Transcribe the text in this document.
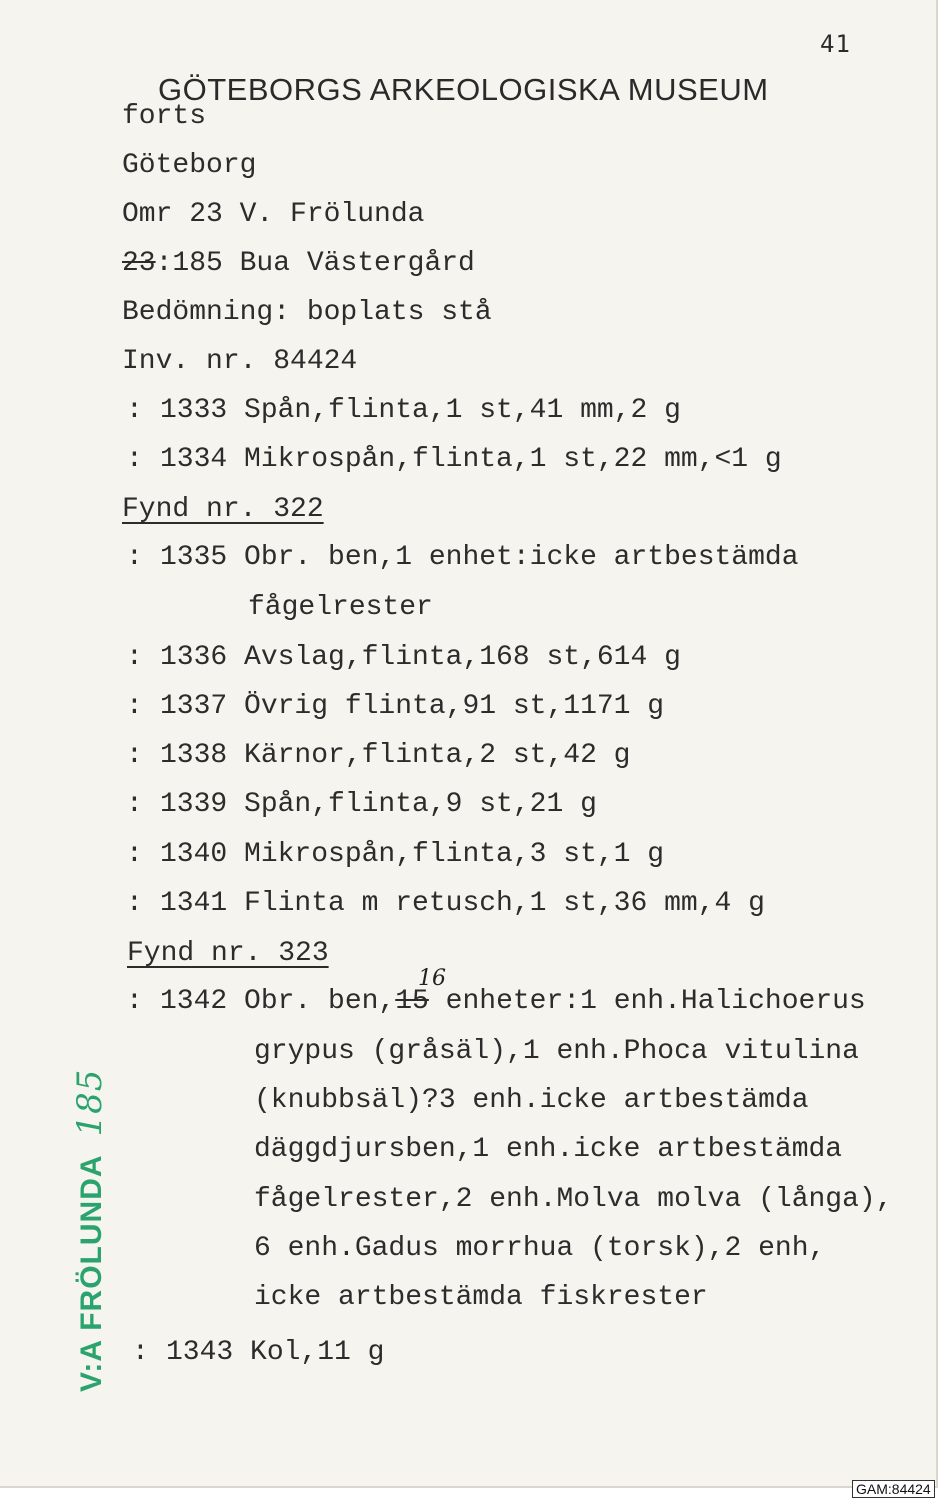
41
GÖTEBORGS ARKEOLOGISKA MUSEUM
forts
Göteborg
Omr 23 V. Frölunda
23:185 Bua Västergård
Bedömning: boplats stå
Inv. nr. 84424
: 1333 Spån,flinta,1 st,41 mm,2 g
: 1334 Mikrospån,flinta,1 st,22 mm,<1 g
Fynd nr. 322
: 1335 Obr. ben,1 enhet:icke artbestämda
fågelrester
: 1336 Avslag,flinta,168 st,614 g
: 1337 Övrig flinta,91 st,1171 g
: 1338 Kärnor,flinta,2 st,42 g
: 1339 Spån,flinta,9 st,21 g
: 1340 Mikrospån,flinta,3 st,1 g
: 1341 Flinta m retusch,1 st,36 mm,4 g
Fynd nr. 323
16
: 1342 Obr. ben,15 enheter:1 enh.Halichoerus
grypus (gråsäl),1 enh.Phoca vitulina
(knubbsäl)?3 enh.icke artbestämda
däggdjursben,1 enh.icke artbestämda
fågelrester,2 enh.Molva molva (långa),
6 enh.Gadus morrhua (torsk),2 enh,
icke artbestämda fiskrester
: 1343 Kol,11 g
V:A FRÖLUNDA185
GAM:84424
